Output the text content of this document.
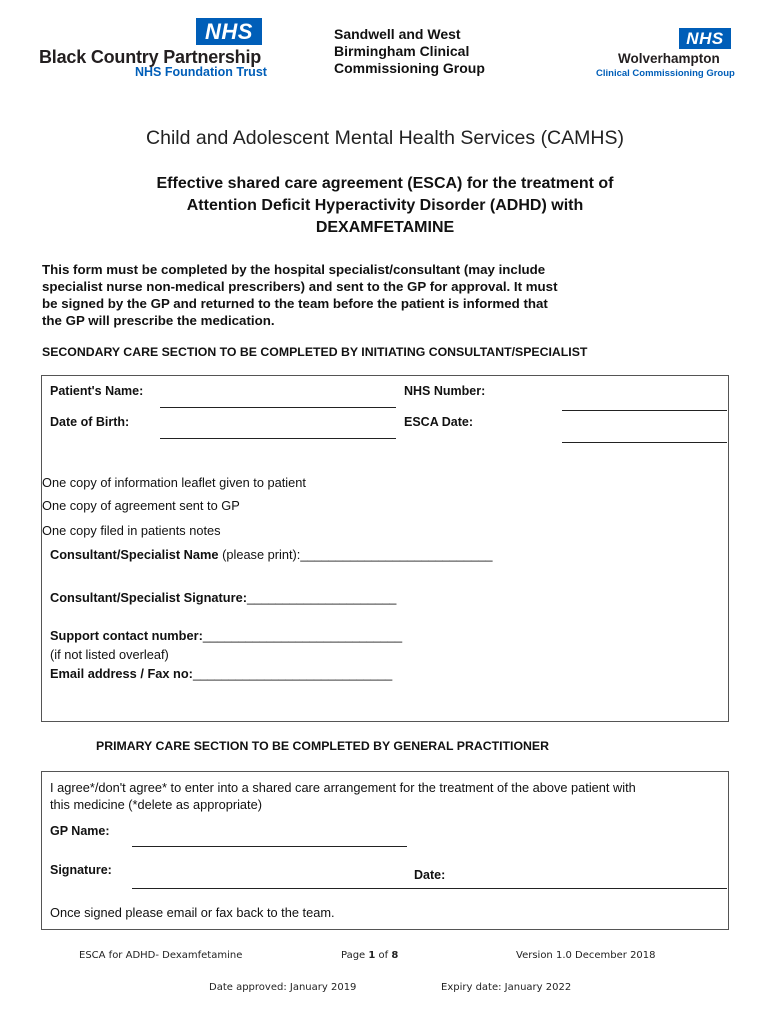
NHS
Black Country Partnership
NHS Foundation Trust
Sandwell and West
Birmingham Clinical
Commissioning Group
NHS
Wolverhampton
Clinical Commissioning Group
Child and Adolescent Mental Health Services (CAMHS)
Effective shared care agreement (ESCA) for the treatment of
Attention Deficit Hyperactivity Disorder (ADHD) with
DEXAMFETAMINE
This form must be completed by the hospital specialist/consultant (may include
specialist nurse non-medical prescribers) and sent to the GP for approval. It must
be signed by the GP and returned to the team before the patient is informed that
the GP will prescribe the medication.
SECONDARY CARE SECTION TO BE COMPLETED BY INITIATING CONSULTANT/SPECIALIST
Patient's Name:	NHS Number:
Date of Birth:	ESCA Date:
One copy of information leaflet given to patient
One copy of agreement sent to GP
One copy filed in patients notes
Consultant/Specialist Name (please print):___________________________
Consultant/Specialist Signature:_____________________
Support contact number:____________________________
(if not listed overleaf)
Email address / Fax no:____________________________
PRIMARY CARE SECTION TO BE COMPLETED BY GENERAL PRACTITIONER
I agree*/don't agree* to enter into a shared care arrangement for the treatment of the above patient with
this medicine (*delete as appropriate)
GP Name:
Signature:	Date:
Once signed please email or fax back to the team.
ESCA for ADHD- Dexamfetamine	Page 1 of 8	Version 1.0 December 2018
Date approved: January 2019	Expiry date: January 2022
